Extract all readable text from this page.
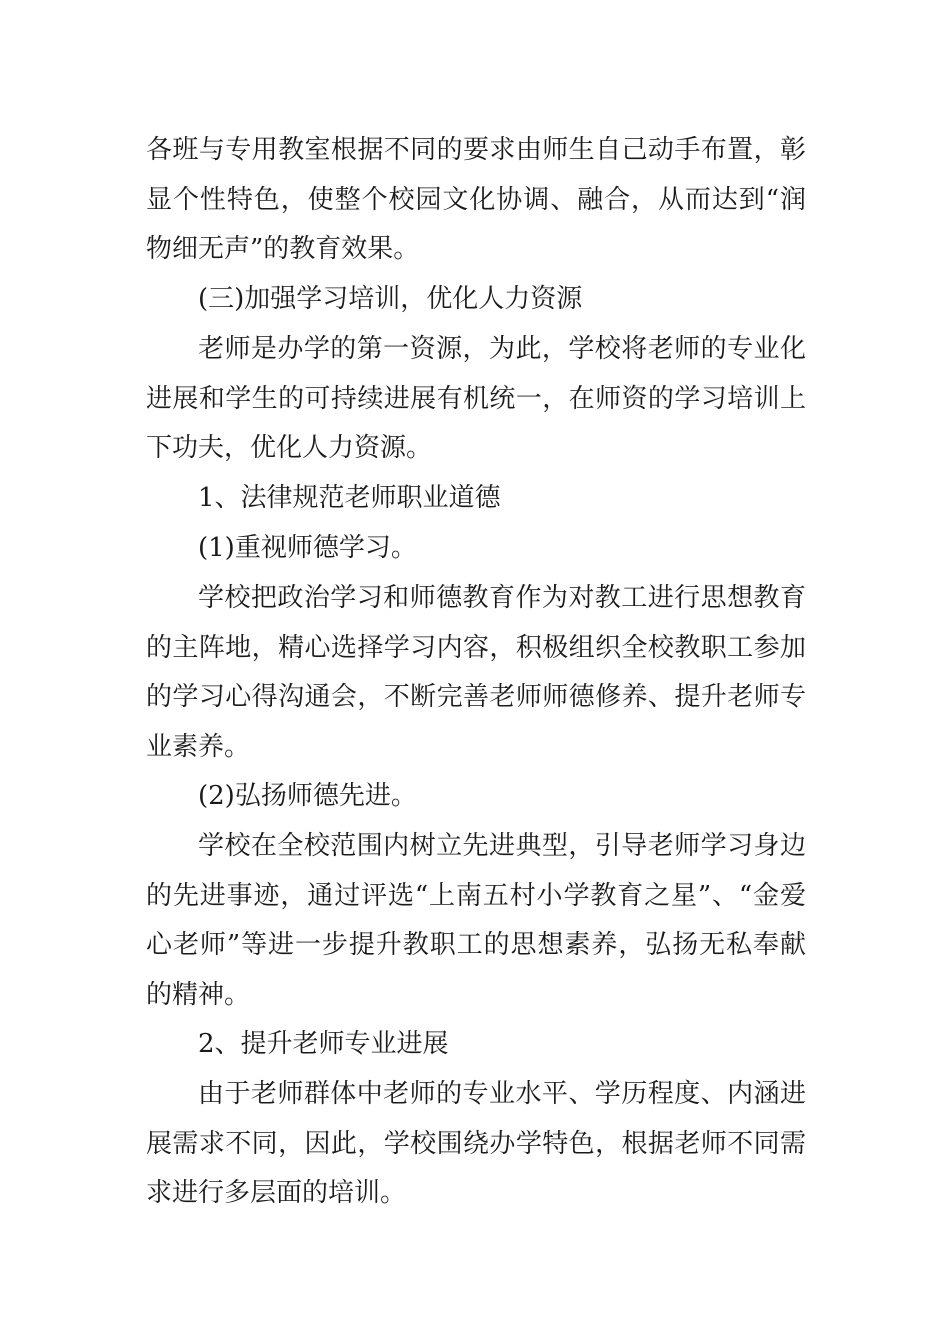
各班与专用教室根据不同的要求由师生自己动手布置，彰显个性特色，使整个校园文化协调、融合，从而达到“润物细无声”的教育效果。

(三)加强学习培训，优化人力资源

老师是办学的第一资源，为此，学校将老师的专业化进展和学生的可持续进展有机统一，在师资的学习培训上下功夫，优化人力资源。

1、法律规范老师职业道德

(1)重视师德学习。

学校把政治学习和师德教育作为对教工进行思想教育的主阵地，精心选择学习内容，积极组织全校教职工参加的学习心得沟通会，不断完善老师师德修养、提升老师专业素养。

(2)弘扬师德先进。

学校在全校范围内树立先进典型，引导老师学习身边的先进事迹，通过评选“上南五村小学教育之星”、“金爱心老师”等进一步提升教职工的思想素养，弘扬无私奉献的精神。

2、提升老师专业进展

由于老师群体中老师的专业水平、学历程度、内涵进展需求不同，因此，学校围绕办学特色，根据老师不同需求进行多层面的培训。
